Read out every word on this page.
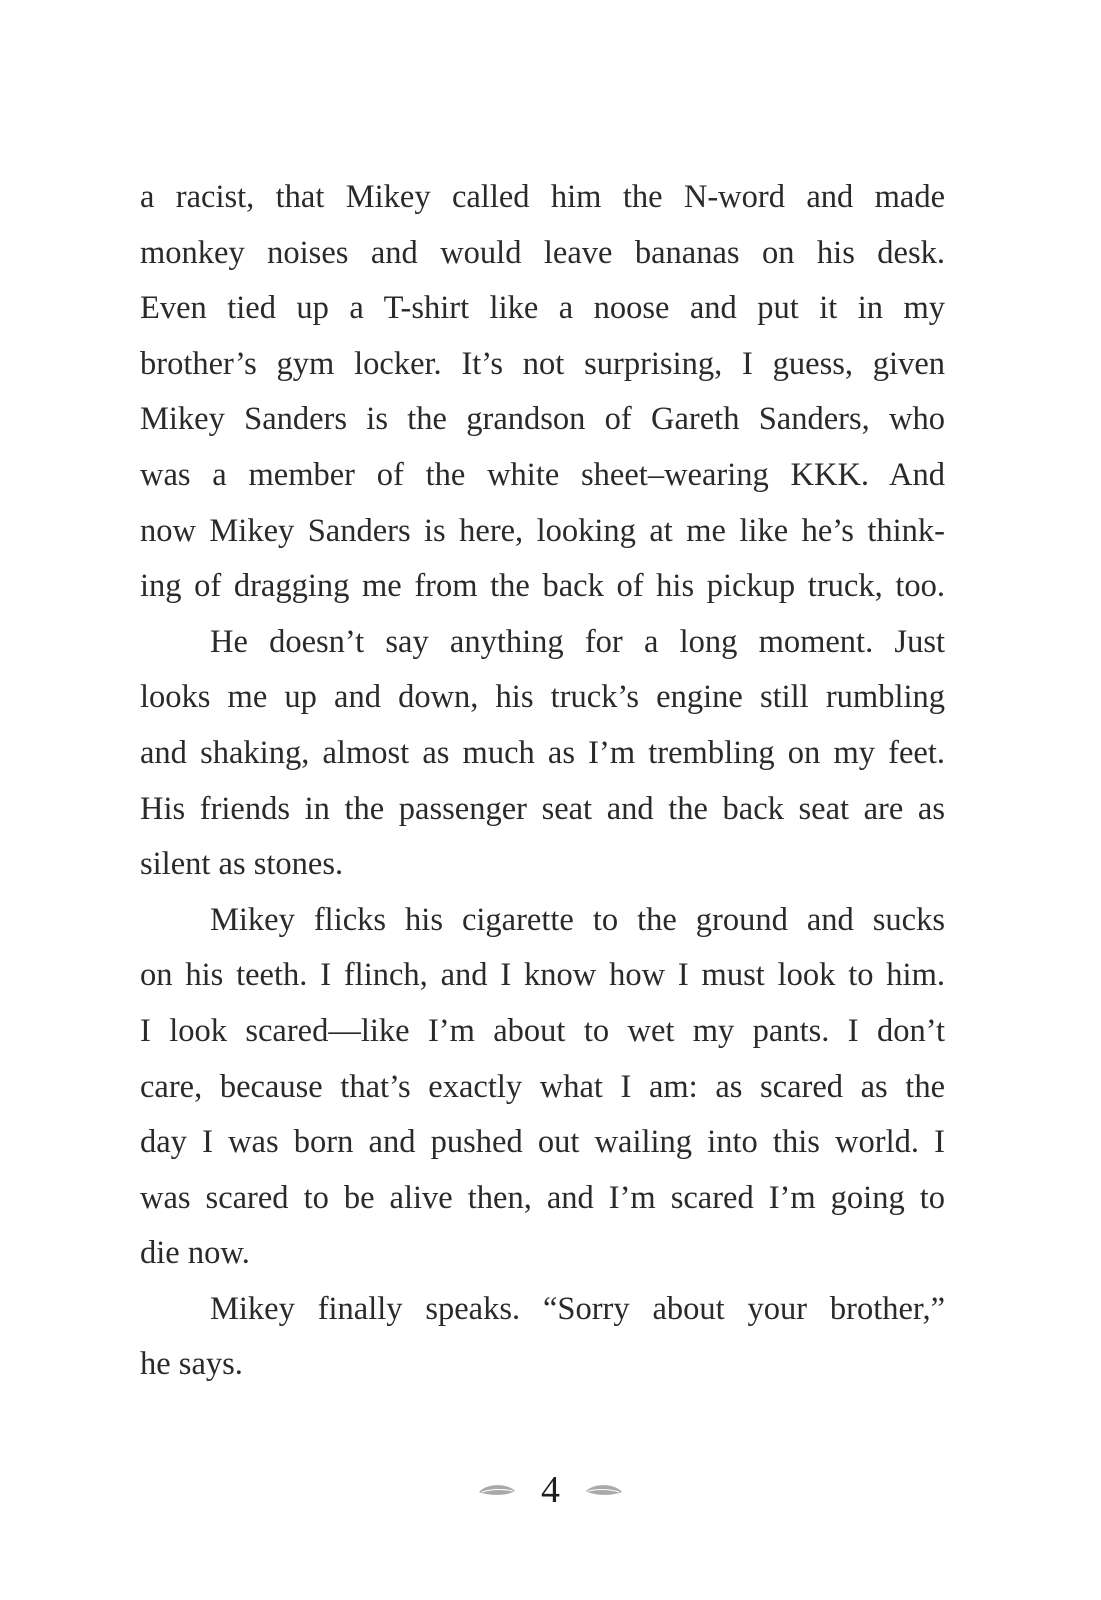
a racist, that Mikey called him the N-word and made
monkey noises and would leave bananas on his desk.
Even tied up a T-shirt like a noose and put it in my
brother’s gym locker. It’s not surprising, I guess, given
Mikey Sanders is the grandson of Gareth Sanders, who
was a member of the white sheet–wearing KKK. And
now Mikey Sanders is here, looking at me like he’s think-
ing of dragging me from the back of his pickup truck, too.
He doesn’t say anything for a long moment. Just
looks me up and down, his truck’s engine still rumbling
and shaking, almost as much as I’m trembling on my feet.
His friends in the passenger seat and the back seat are as
silent as stones.
Mikey flicks his cigarette to the ground and sucks
on his teeth. I flinch, and I know how I must look to him.
I look scared—like I’m about to wet my pants. I don’t
care, because that’s exactly what I am: as scared as the
day I was born and pushed out wailing into this world. I
was scared to be alive then, and I’m scared I’m going to
die now.
Mikey finally speaks. “Sorry about your brother,”
he says.
4
